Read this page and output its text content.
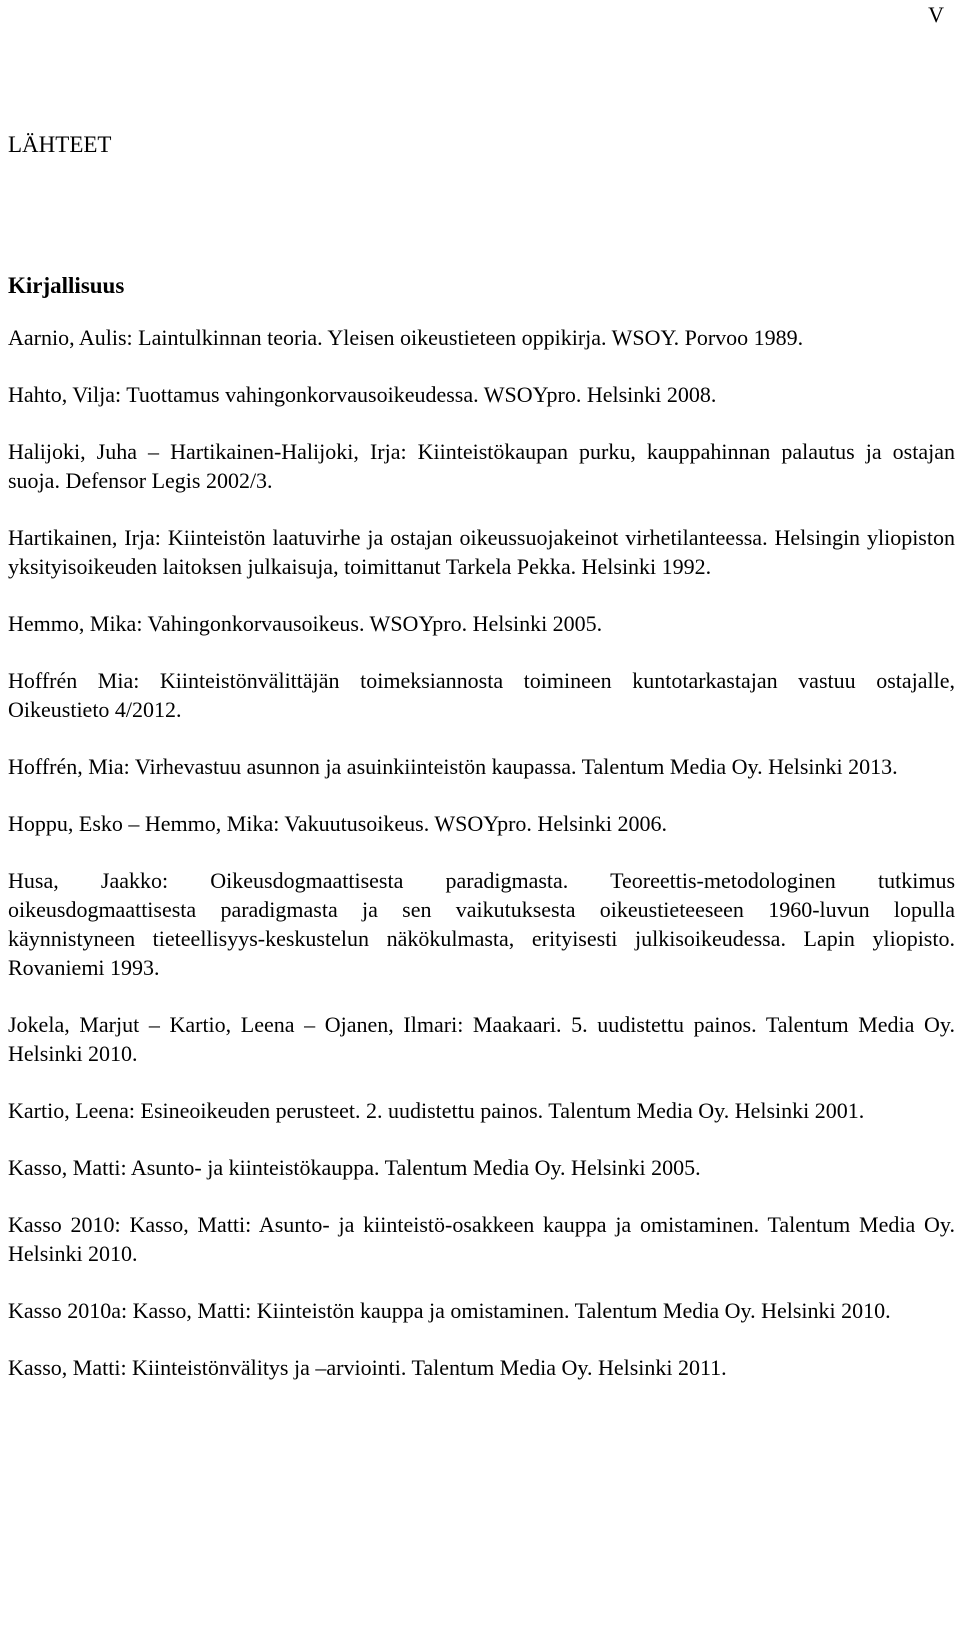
V
LÄHTEET
Kirjallisuus
Aarnio, Aulis: Laintulkinnan teoria. Yleisen oikeustieteen oppikirja. WSOY. Porvoo 1989.
Hahto, Vilja: Tuottamus vahingonkorvausoikeudessa. WSOYpro. Helsinki 2008.
Halijoki, Juha – Hartikainen-Halijoki, Irja: Kiinteistökaupan purku, kauppahinnan palautus ja ostajan suoja. Defensor Legis 2002/3.
Hartikainen, Irja: Kiinteistön laatuvirhe ja ostajan oikeussuojakeinot virhetilanteessa. Helsingin yliopiston yksityisoikeuden laitoksen julkaisuja, toimittanut Tarkela Pekka. Helsinki 1992.
Hemmo, Mika: Vahingonkorvausoikeus. WSOYpro. Helsinki 2005.
Hoffrén Mia: Kiinteistönvälittäjän toimeksiannosta toimineen kuntotarkastajan vastuu ostajalle, Oikeustieto 4/2012.
Hoffrén, Mia: Virhevastuu asunnon ja asuinkiinteistön kaupassa. Talentum Media Oy. Helsinki 2013.
Hoppu, Esko – Hemmo, Mika: Vakuutusoikeus. WSOYpro. Helsinki 2006.
Husa, Jaakko: Oikeusdogmaattisesta paradigmasta. Teoreettis-metodologinen tutkimus oikeusdogmaattisesta paradigmasta ja sen vaikutuksesta oikeustieteeseen 1960-luvun lopulla käynnistyneen tieteellisyys-keskustelun näkökulmasta, erityisesti julkisoikeudessa. Lapin yliopisto. Rovaniemi 1993.
Jokela, Marjut – Kartio, Leena – Ojanen, Ilmari: Maakaari. 5. uudistettu painos. Talentum Media Oy. Helsinki 2010.
Kartio, Leena: Esineoikeuden perusteet. 2. uudistettu painos. Talentum Media Oy. Helsinki 2001.
Kasso, Matti: Asunto- ja kiinteistökauppa. Talentum Media Oy. Helsinki 2005.
Kasso 2010: Kasso, Matti: Asunto- ja kiinteistö-osakkeen kauppa ja omistaminen. Talentum Media Oy. Helsinki 2010.
Kasso 2010a: Kasso, Matti: Kiinteistön kauppa ja omistaminen. Talentum Media Oy. Helsinki 2010.
Kasso, Matti: Kiinteistönvälitys ja –arviointi. Talentum Media Oy. Helsinki 2011.
